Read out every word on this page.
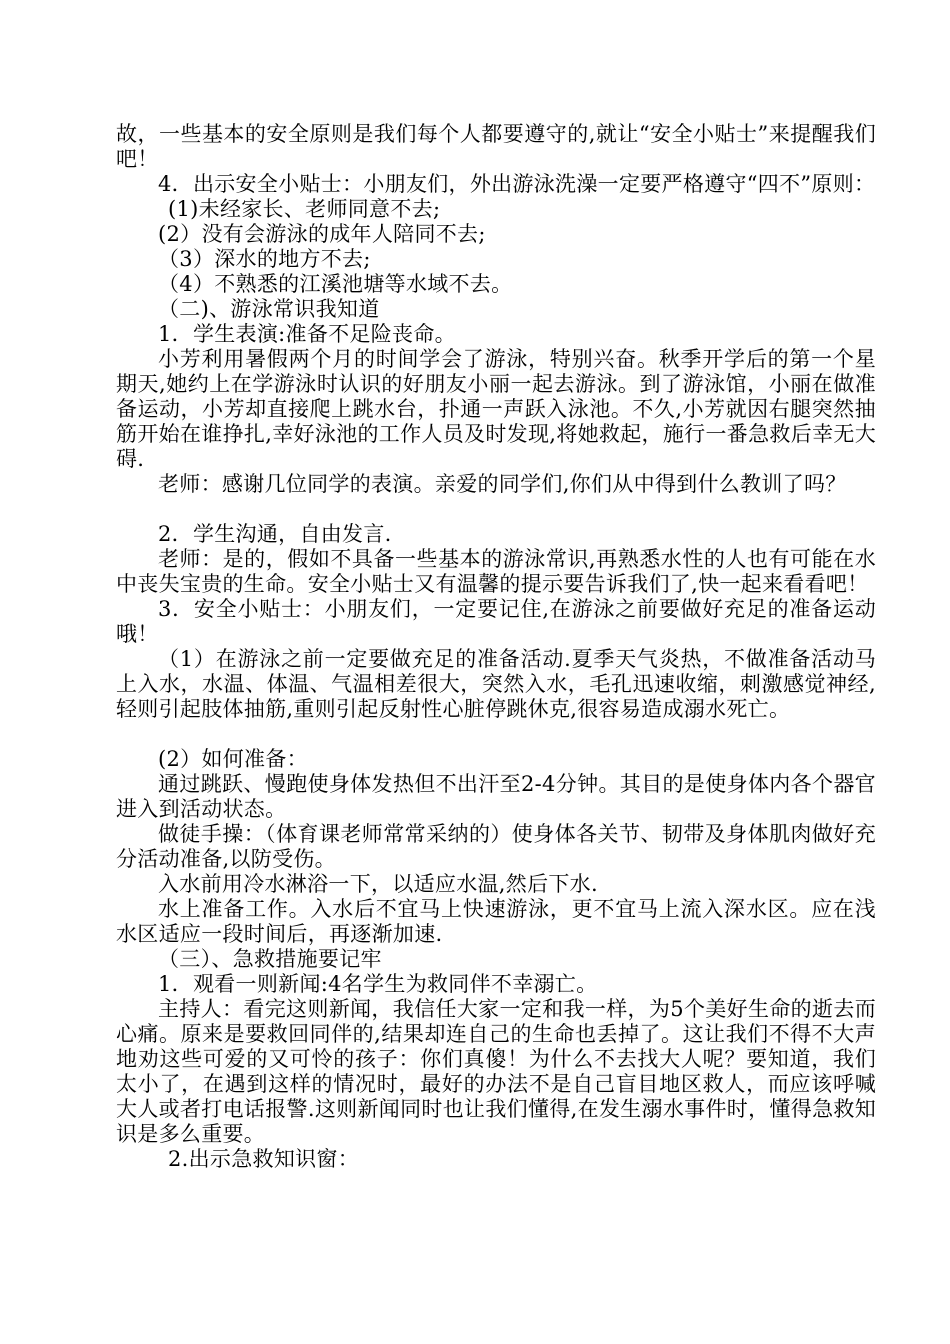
故，一些基本的安全原则是我们每个人都要遵守的,就让“安全小贴士”来提醒我们吧！

4．出示安全小贴士：小朋友们，外出游泳洗澡一定要严格遵守“四不”原则：

(1)未经家长、老师同意不去;

(2）没有会游泳的成年人陪同不去;

（3）深水的地方不去;

（4）不熟悉的江溪池塘等水域不去。

（二)、游泳常识我知道

1．学生表演:准备不足险丧命。

小芳利用暑假两个月的时间学会了游泳，特别兴奋。秋季开学后的第一个星期天,她约上在学游泳时认识的好朋友小丽一起去游泳。到了游泳馆，小丽在做准备运动，小芳却直接爬上跳水台，扑通一声跃入泳池。不久,小芳就因右腿突然抽筋开始在谁挣扎,幸好泳池的工作人员及时发现,将她救起，施行一番急救后幸无大碍.

老师：感谢几位同学的表演。亲爱的同学们,你们从中得到什么教训了吗？

2．学生沟通，自由发言.

老师：是的，假如不具备一些基本的游泳常识,再熟悉水性的人也有可能在水中丧失宝贵的生命。安全小贴士又有温馨的提示要告诉我们了,快一起来看看吧！

3．安全小贴士：小朋友们，一定要记住,在游泳之前要做好充足的准备运动哦！

（1）在游泳之前一定要做充足的准备活动.夏季天气炎热，不做准备活动马上入水，水温、体温、气温相差很大，突然入水，毛孔迅速收缩，刺激感觉神经,轻则引起肢体抽筋,重则引起反射性心脏停跳休克,很容易造成溺水死亡。

(2）如何准备：

通过跳跃、慢跑使身体发热但不出汗至2-4分钟。其目的是使身体内各个器官进入到活动状态。

做徒手操：（体育课老师常常采纳的）使身体各关节、韧带及身体肌肉做好充分活动准备,以防受伤。

入水前用冷水淋浴一下，以适应水温,然后下水.

水上准备工作。入水后不宜马上快速游泳，更不宜马上流入深水区。应在浅水区适应一段时间后，再逐渐加速.

（三）、急救措施要记牢

1．观看一则新闻:4名学生为救同伴不幸溺亡。

主持人：看完这则新闻，我信任大家一定和我一样，为5个美好生命的逝去而心痛。原来是要救回同伴的,结果却连自己的生命也丢掉了。这让我们不得不大声地劝这些可爱的又可怜的孩子：你们真傻！为什么不去找大人呢？要知道，我们太小了，在遇到这样的情况时，最好的办法不是自己盲目地区救人，而应该呼喊大人或者打电话报警.这则新闻同时也让我们懂得,在发生溺水事件时，懂得急救知识是多么重要。

2.出示急救知识窗：
